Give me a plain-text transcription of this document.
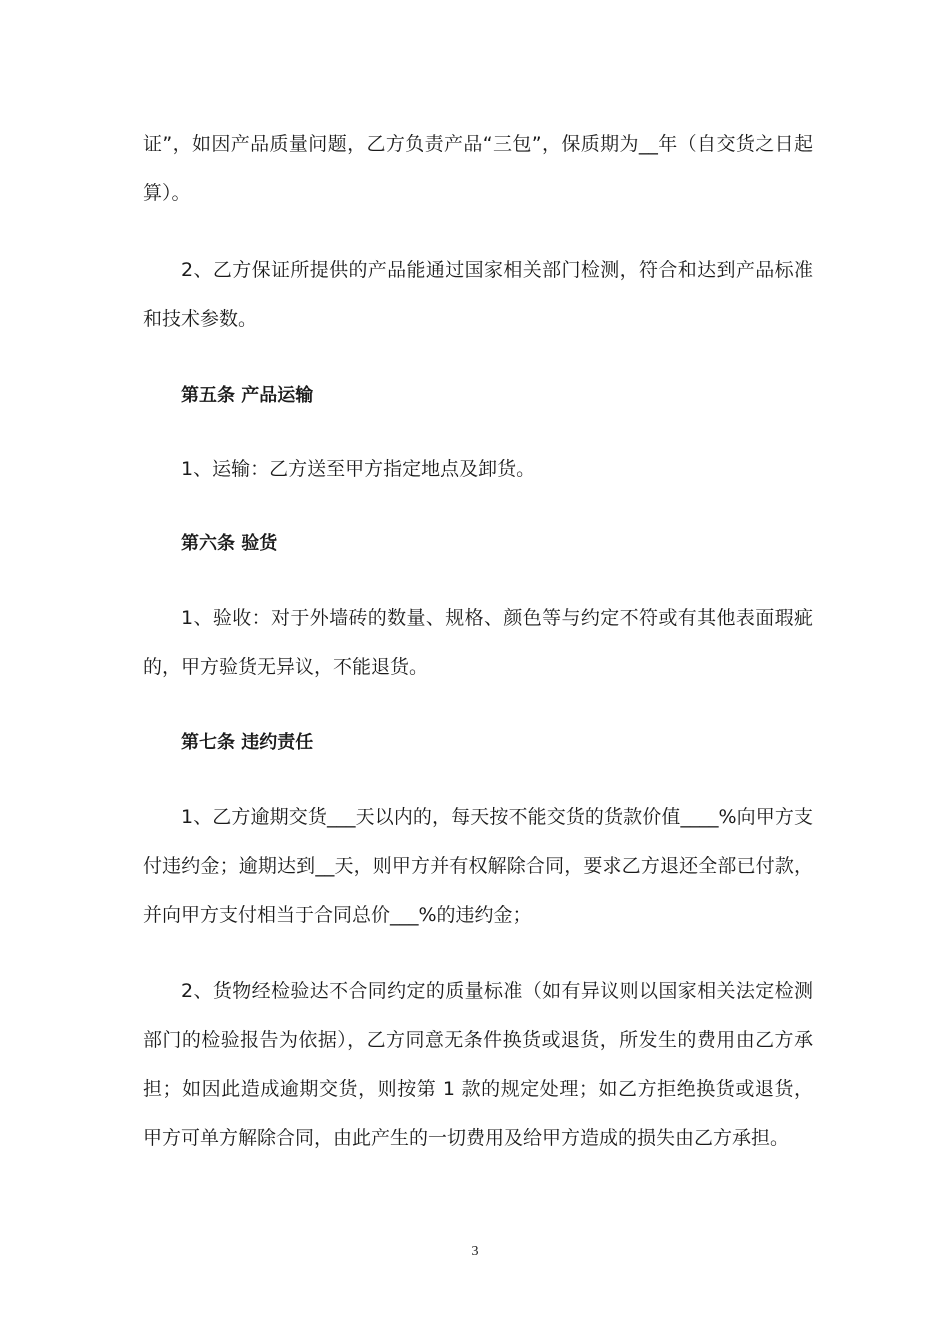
证”，如因产品质量问题，乙方负责产品“三包”，保质期为__年（自交货之日起算）。

2、乙方保证所提供的产品能通过国家相关部门检测，符合和达到产品标准和技术参数。

第五条 产品运输

1、运输：乙方送至甲方指定地点及卸货。

第六条 验货

1、验收：对于外墙砖的数量、规格、颜色等与约定不符或有其他表面瑕疵的，甲方验货无异议，不能退货。

第七条 违约责任

1、乙方逾期交货___天以内的，每天按不能交货的货款价值____%向甲方支付违约金；逾期达到__天，则甲方并有权解除合同，要求乙方退还全部已付款，并向甲方支付相当于合同总价___%的违约金；

2、货物经检验达不合同约定的质量标准（如有异议则以国家相关法定检测部门的检验报告为依据），乙方同意无条件换货或退货，所发生的费用由乙方承担；如因此造成逾期交货，则按第 1 款的规定处理；如乙方拒绝换货或退货，甲方可单方解除合同，由此产生的一切费用及给甲方造成的损失由乙方承担。

3
